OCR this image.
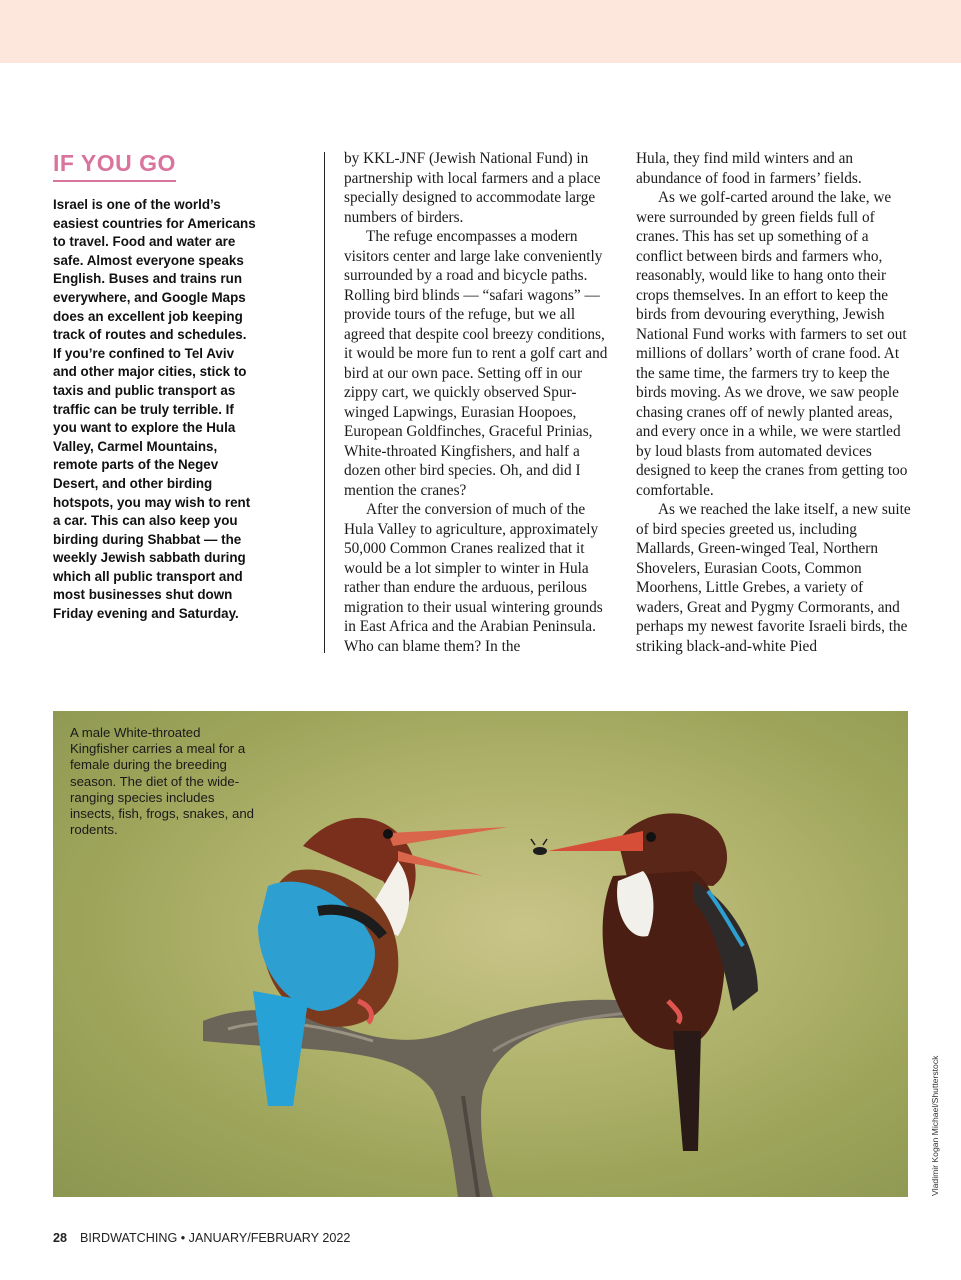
IF YOU GO

Israel is one of the world’s easiest countries for Americans to travel. Food and water are safe. Almost everyone speaks English. Buses and trains run everywhere, and Google Maps does an excellent job keeping track of routes and schedules. If you’re confined to Tel Aviv and other major cities, stick to taxis and public transport as traffic can be truly terrible. If you want to explore the Hula Valley, Carmel Mountains, remote parts of the Negev Desert, and other birding hotspots, you may wish to rent a car. This can also keep you birding during Shabbat — the weekly Jewish sabbath during which all public transport and most businesses shut down Friday evening and Saturday.

by KKL-JNF (Jewish National Fund) in partnership with local farmers and a place specially designed to accommodate large numbers of birders.

The refuge encompasses a modern visitors center and large lake conveniently surrounded by a road and bicycle paths. Rolling bird blinds — “safari wagons” — provide tours of the refuge, but we all agreed that despite cool breezy conditions, it would be more fun to rent a golf cart and bird at our own pace. Setting off in our zippy cart, we quickly observed Spur-winged Lapwings, Eurasian Hoopoes, European Goldfinches, Graceful Prinias, White-throated Kingfishers, and half a dozen other bird species. Oh, and did I mention the cranes?

After the conversion of much of the Hula Valley to agriculture, approximately 50,000 Common Cranes realized that it would be a lot simpler to winter in Hula rather than endure the arduous, perilous migration to their usual wintering grounds in East Africa and the Arabian Peninsula. Who can blame them? In the

Hula, they find mild winters and an abundance of food in farmers’ fields.

As we golf-carted around the lake, we were surrounded by green fields full of cranes. This has set up something of a conflict between birds and farmers who, reasonably, would like to hang onto their crops themselves. In an effort to keep the birds from devouring everything, Jewish National Fund works with farmers to set out millions of dollars’ worth of crane food. At the same time, the farmers try to keep the birds moving. As we drove, we saw people chasing cranes off of newly planted areas, and every once in a while, we were startled by loud blasts from automated devices designed to keep the cranes from getting too comfortable.

As we reached the lake itself, a new suite of bird species greeted us, including Mallards, Green-winged Teal, Northern Shovelers, Eurasian Coots, Common Moorhens, Little Grebes, a variety of waders, Great and Pygmy Cormorants, and perhaps my newest favorite Israeli birds, the striking black-and-white Pied

A male White-throated Kingfisher carries a meal for a female during the breeding season. The diet of the wide-ranging species includes insects, fish, frogs, snakes, and rodents.

Vladimir Kogan Michael/Shutterstock
28 BIRDWATCHING • JANUARY/FEBRUARY 2022
